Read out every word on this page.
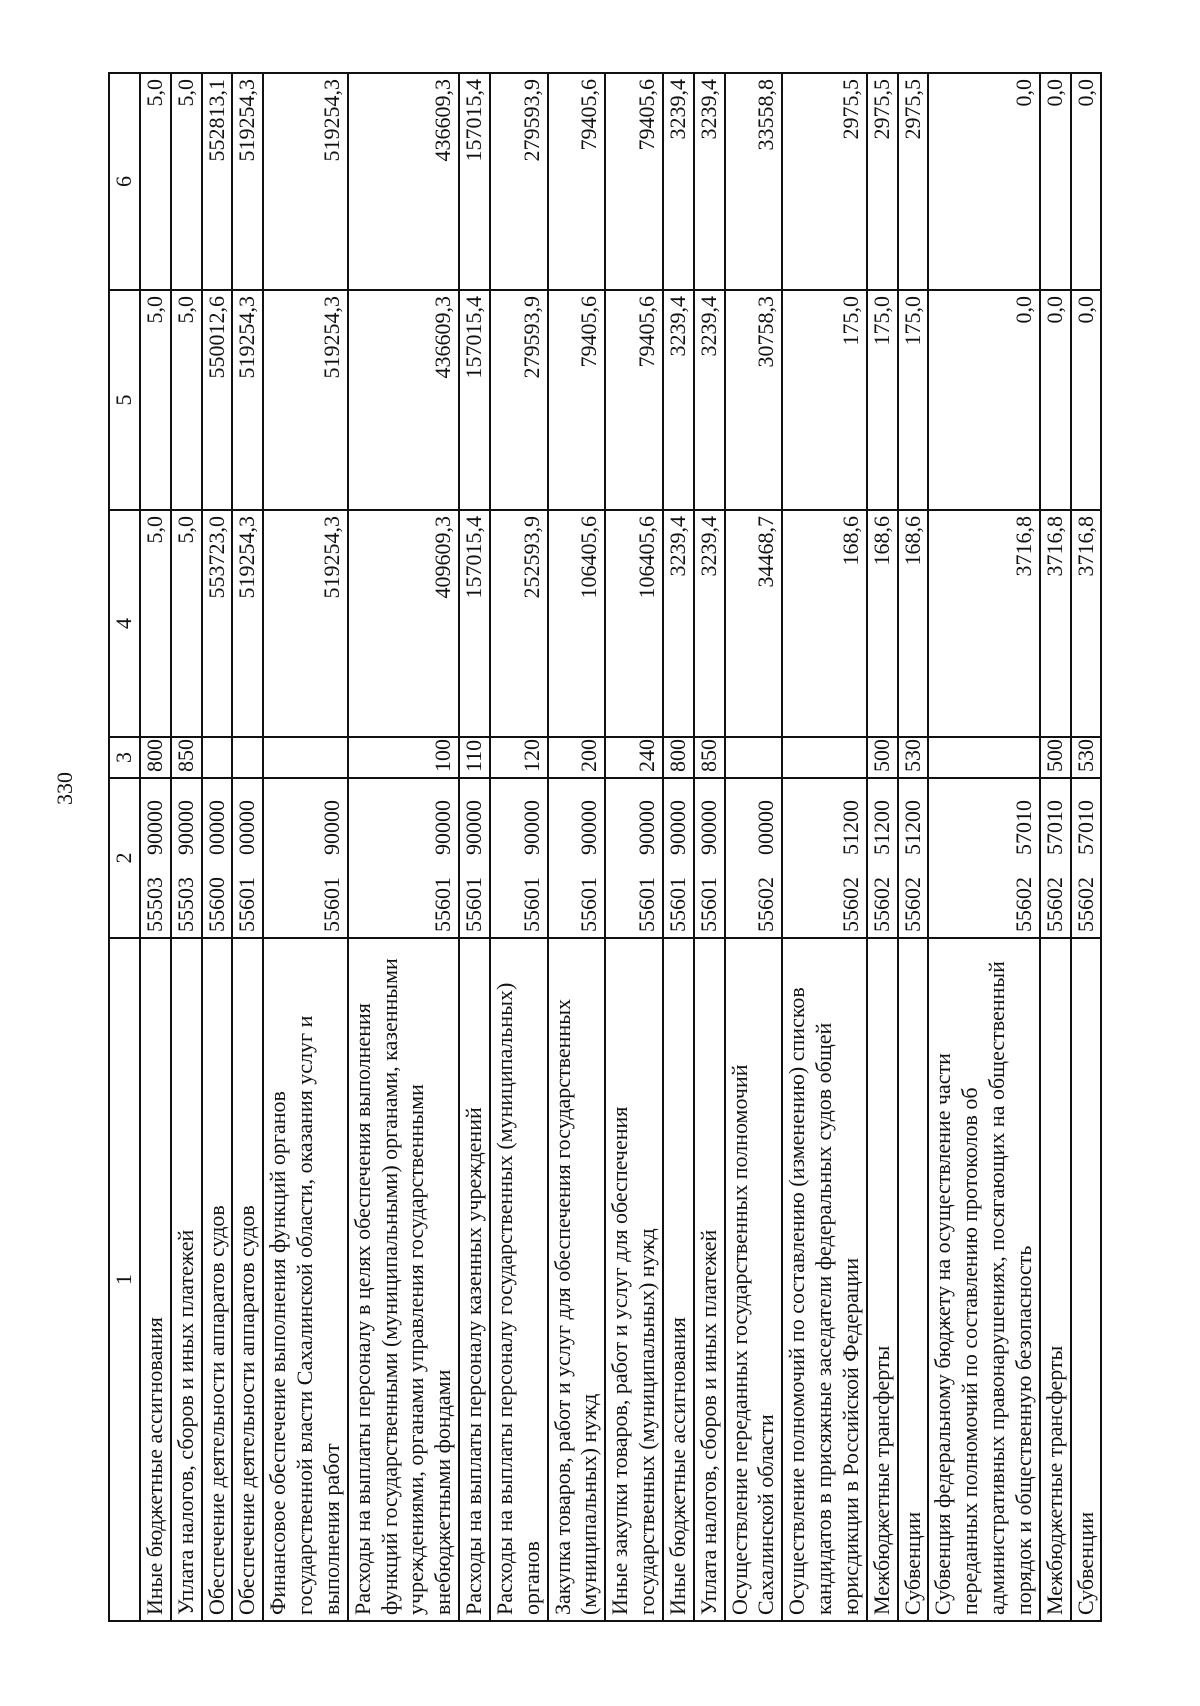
330
1	2	3	4	5	6
Иные бюджетные ассигнования	5550390000	800	5,0	5,0	5,0
Уплата налогов, сборов и иных платежей	5550390000	850	5,0	5,0	5,0
Обеспечение деятельности аппаратов судов	5560000000		553723,0	550012,6	552813,1
Обеспечение деятельности аппаратов судов	5560100000		519254,3	519254,3	519254,3
Финансовое обеспечение выполнения функций органов государственной власти Сахалинской области, оказания услуг и выполнения работ	5560190000		519254,3	519254,3	519254,3
Расходы на выплаты персоналу в целях обеспечения выполнения функций государственными (муниципальными) органами, казенными учреждениями, органами управления государственными внебюджетными фондами	5560190000	100	409609,3	436609,3	436609,3
Расходы на выплаты персоналу казенных учреждений	5560190000	110	157015,4	157015,4	157015,4
Расходы на выплаты персоналу государственных (муниципальных) органов	5560190000	120	252593,9	279593,9	279593,9
Закупка товаров, работ и услуг для обеспечения государственных (муниципальных) нужд	5560190000	200	106405,6	79405,6	79405,6
Иные закупки товаров, работ и услуг для обеспечения государственных (муниципальных) нужд	5560190000	240	106405,6	79405,6	79405,6
Иные бюджетные ассигнования	5560190000	800	3239,4	3239,4	3239,4
Уплата налогов, сборов и иных платежей	5560190000	850	3239,4	3239,4	3239,4
Осуществление переданных государственных полномочий Сахалинской области	5560200000		34468,7	30758,3	33558,8
Осуществление полномочий по составлению (изменению) списков кандидатов в присяжные заседатели федеральных судов общей юрисдикции в Российской Федерации	5560251200		168,6	175,0	2975,5
Межбюджетные трансферты	5560251200	500	168,6	175,0	2975,5
Субвенции	5560251200	530	168,6	175,0	2975,5
Субвенция федеральному бюджету на осуществление части переданных полномочий по составлению протоколов об административных правонарушениях, посягающих на общественный порядок и общественную безопасность	5560257010		3716,8	0,0	0,0
Межбюджетные трансферты	5560257010	500	3716,8	0,0	0,0
Субвенции	5560257010	530	3716,8	0,0	0,0
